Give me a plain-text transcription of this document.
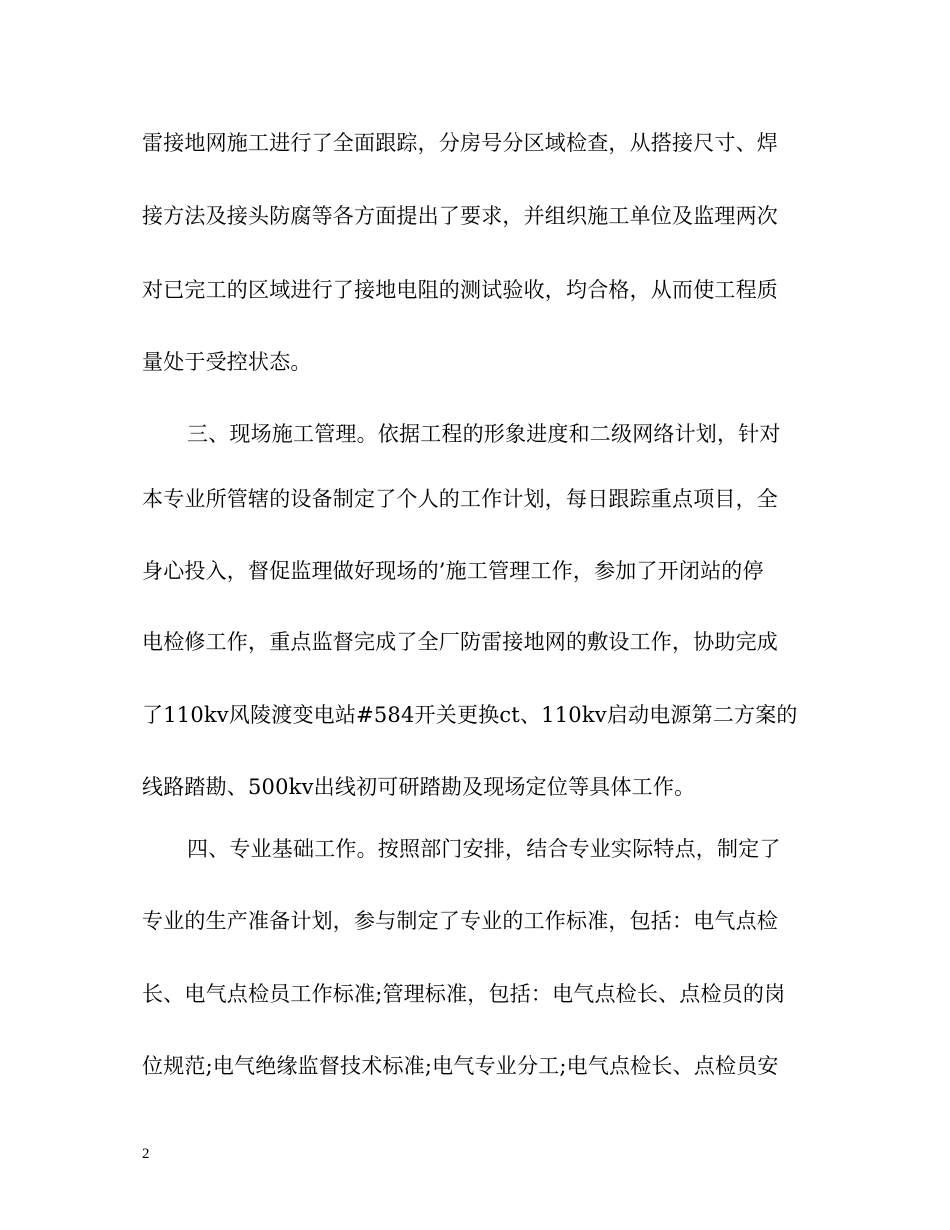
雷接地网施工进行了全面跟踪，分房号分区域检查，从搭接尺寸、焊
接方法及接头防腐等各方面提出了要求，并组织施工单位及监理两次
对已完工的区域进行了接地电阻的测试验收，均合格，从而使工程质
量处于受控状态。
三、现场施工管理。依据工程的形象进度和二级网络计划，针对
本专业所管辖的设备制定了个人的工作计划，每日跟踪重点项目，全
身心投入，督促监理做好现场的’施工管理工作，参加了开闭站的停
电检修工作，重点监督完成了全厂防雷接地网的敷设工作，协助完成
了110kv风陵渡变电站#584开关更换ct、110kv启动电源第二方案的
线路踏勘、500kv出线初可研踏勘及现场定位等具体工作。
四、专业基础工作。按照部门安排，结合专业实际特点，制定了
专业的生产准备计划，参与制定了专业的工作标准，包括：电气点检
长、电气点检员工作标准;管理标准，包括：电气点检长、点检员的岗
位规范;电气绝缘监督技术标准;电气专业分工;电气点检长、点检员安
2
